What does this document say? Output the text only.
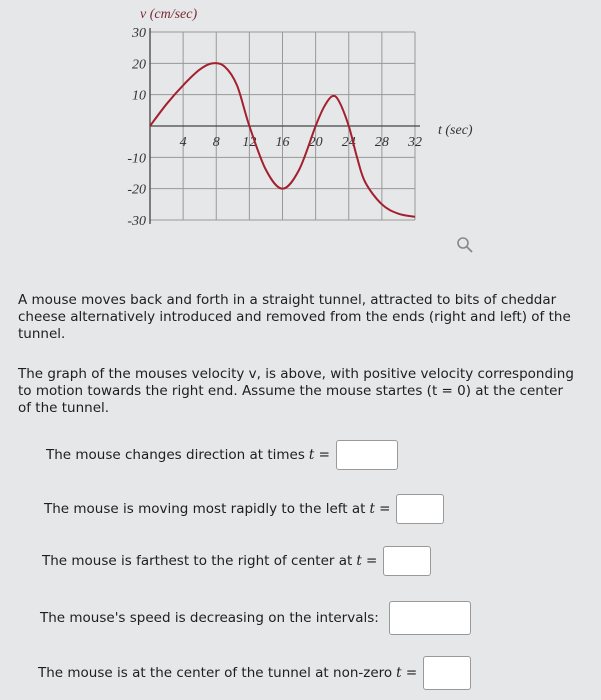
4 8 12 16 20 24 28 32
30
20
10
-10
-20
-30
v (cm/sec)
t (sec)
A mouse moves back and forth in a straight tunnel, attracted to bits of cheddar cheese alternatively introduced and removed from the ends (right and left) of the tunnel.
The graph of the mouses velocity v, is above, with positive velocity corresponding to motion towards the right end. Assume the mouse startes (t = 0) at the center of the tunnel.
The mouse changes direction at times t =
The mouse is moving most rapidly to the left at t =
The mouse is farthest to the right of center at t =
The mouse's speed is decreasing on the intervals:
The mouse is at the center of the tunnel at non-zero t =
